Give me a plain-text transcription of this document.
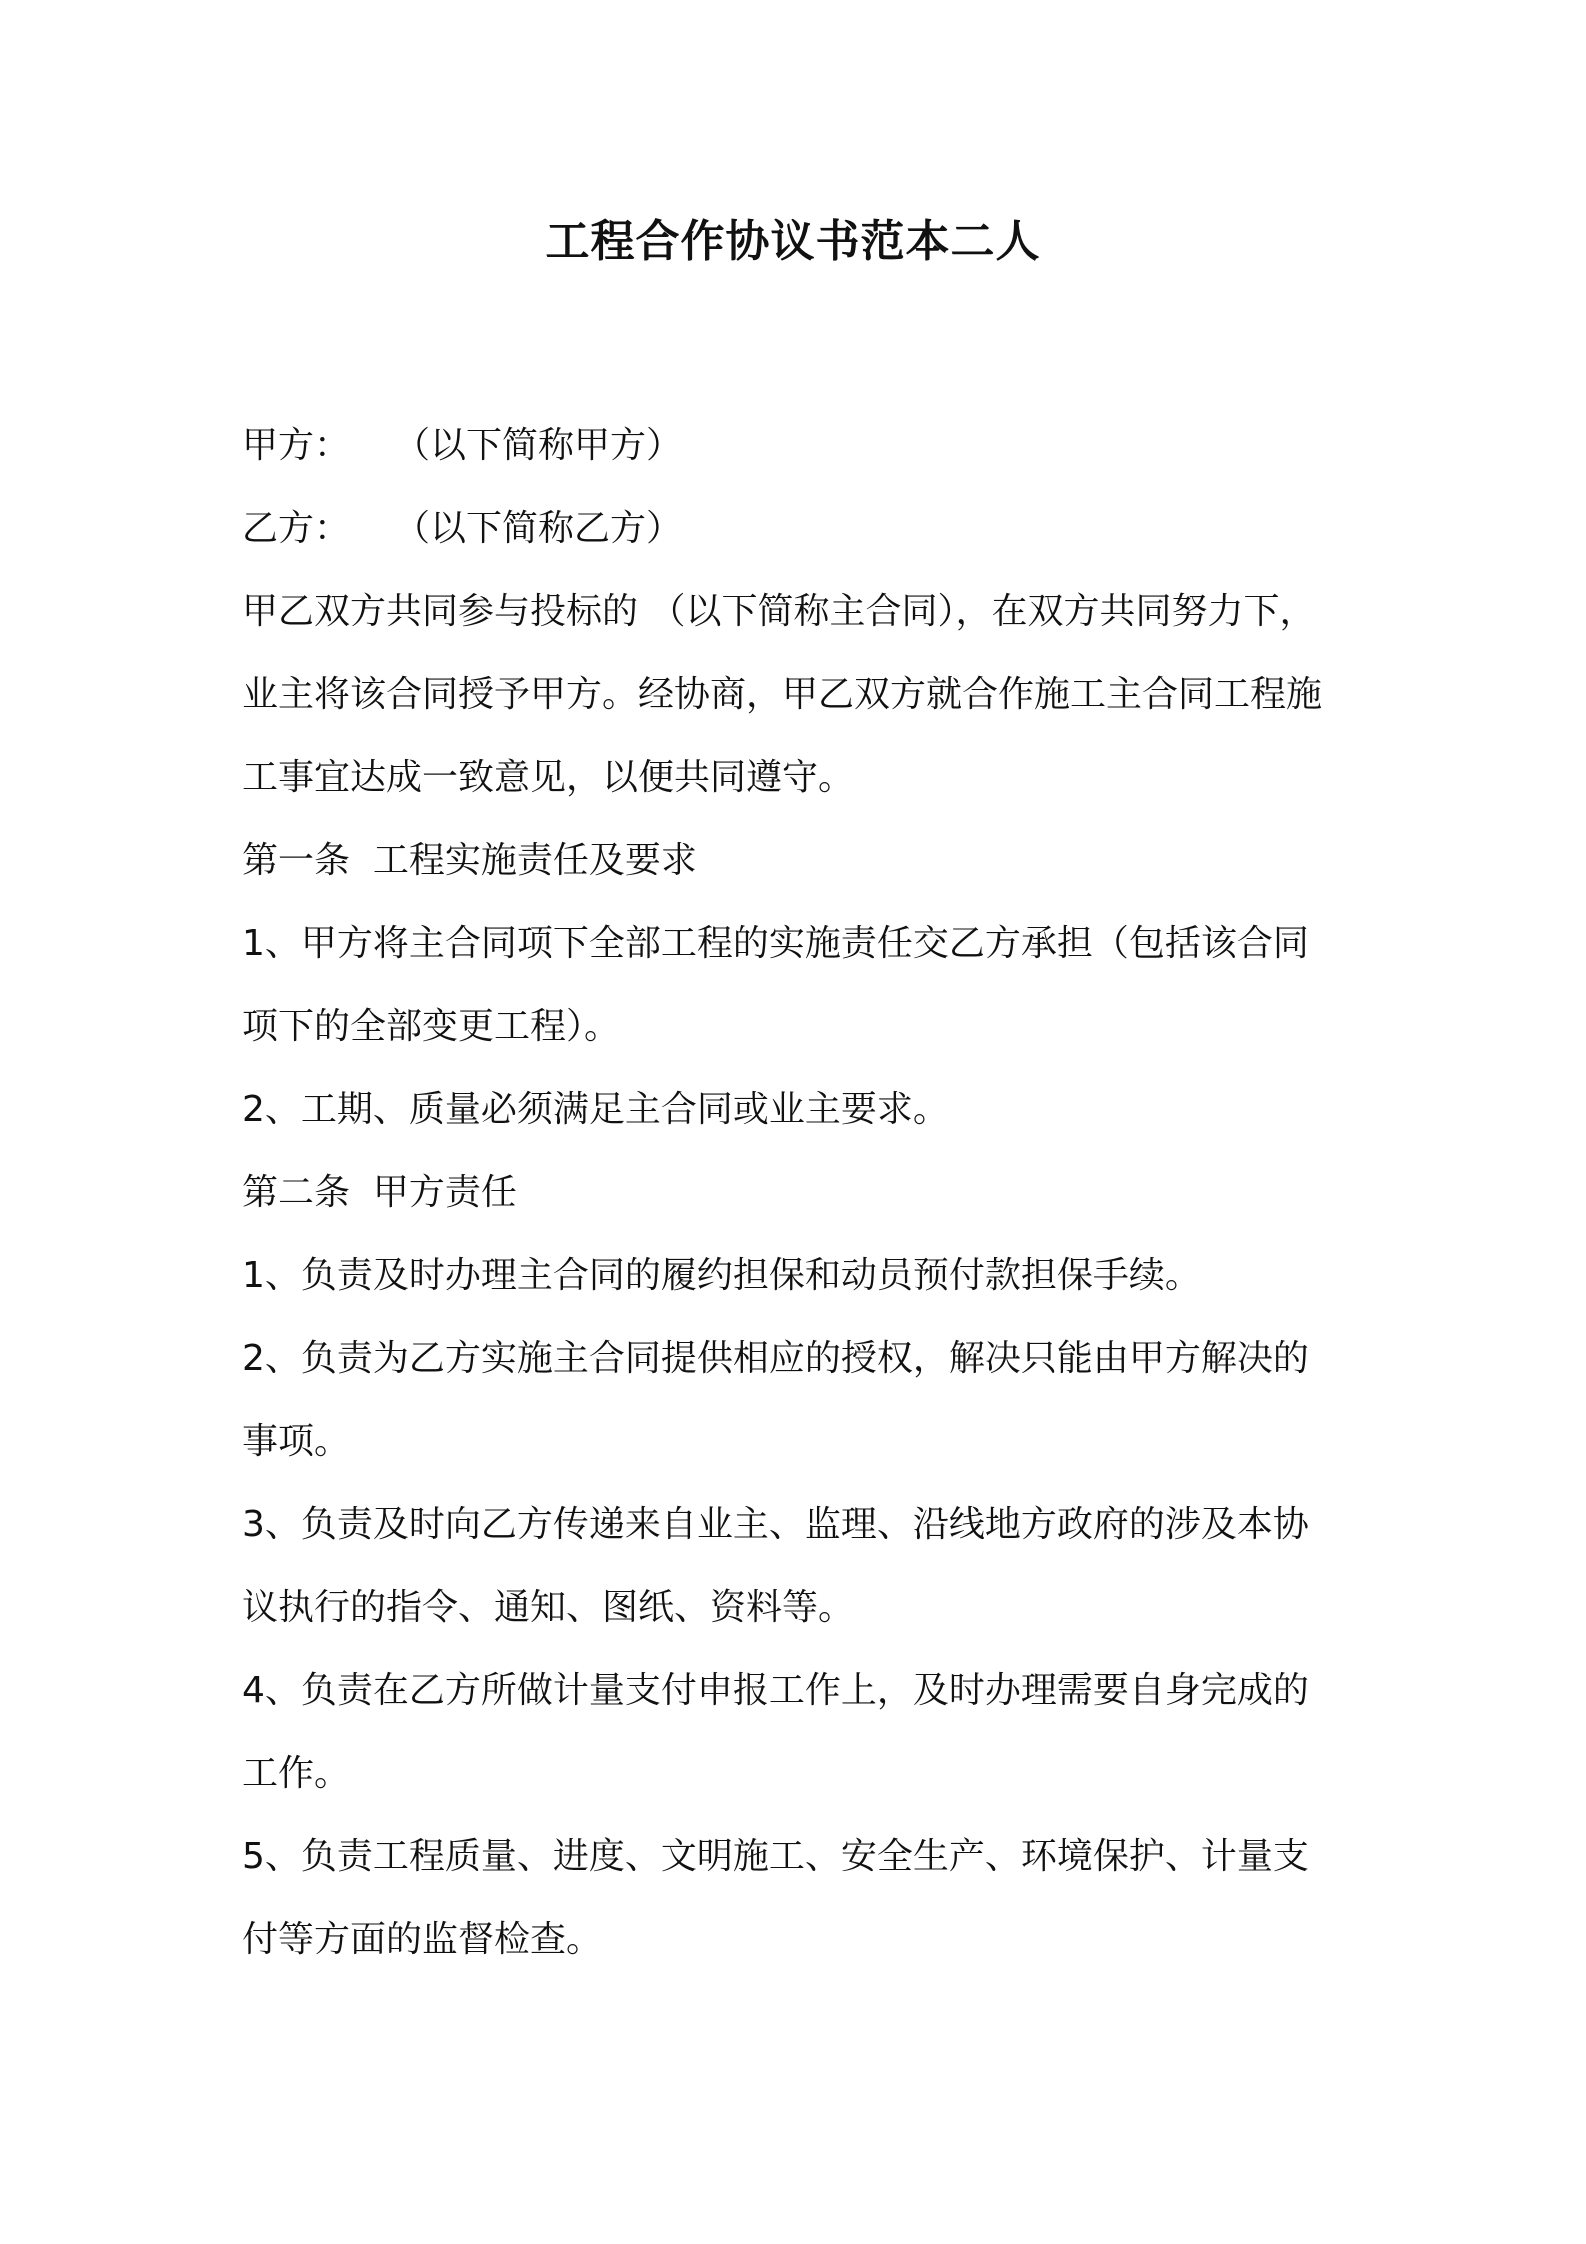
工程合作协议书范本二人

甲方： （以下简称甲方）

乙方： （以下简称乙方）

甲乙双方共同参与投标的 （以下简称主合同），在双方共同努力下，
业主将该合同授予甲方。经协商，甲乙双方就合作施工主合同工程施
工事宜达成一致意见，以便共同遵守。

第一条  工程实施责任及要求

1、甲方将主合同项下全部工程的实施责任交乙方承担（包括该合同
项下的全部变更工程）。

2、工期、质量必须满足主合同或业主要求。

第二条  甲方责任

1、负责及时办理主合同的履约担保和动员预付款担保手续。

2、负责为乙方实施主合同提供相应的授权，解决只能由甲方解决的
事项。

3、负责及时向乙方传递来自业主、监理、沿线地方政府的涉及本协
议执行的指令、通知、图纸、资料等。

4、负责在乙方所做计量支付申报工作上，及时办理需要自身完成的
工作。

5、负责工程质量、进度、文明施工、安全生产、环境保护、计量支
付等方面的监督检查。
